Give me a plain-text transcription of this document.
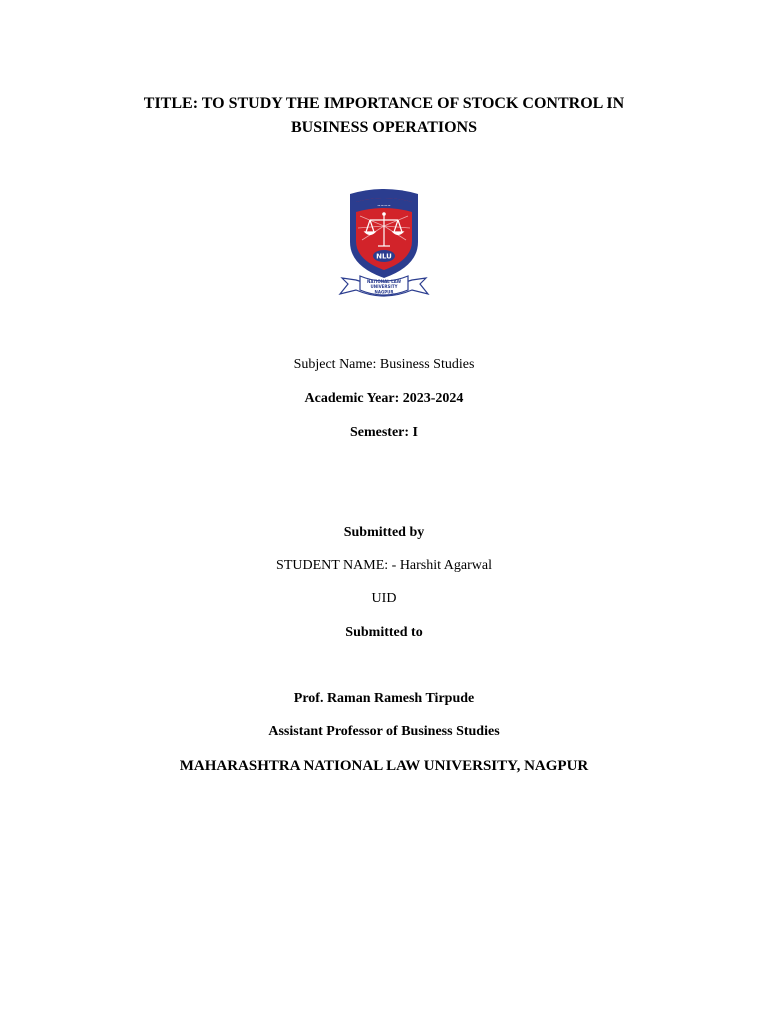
TITLE: TO STUDY THE IMPORTANCE OF STOCK CONTROL IN
BUSINESS OPERATIONS
~~~~
NLU
NATIONAL LAW
UNIVERSITY
NAGPUR

Subject Name: Business Studies

Academic Year: 2023-2024

Semester: I

Submitted by

STUDENT NAME: - Harshit Agarwal

UID

Submitted to

Prof. Raman Ramesh Tirpude

Assistant Professor of Business Studies

MAHARASHTRA NATIONAL LAW UNIVERSITY, NAGPUR
